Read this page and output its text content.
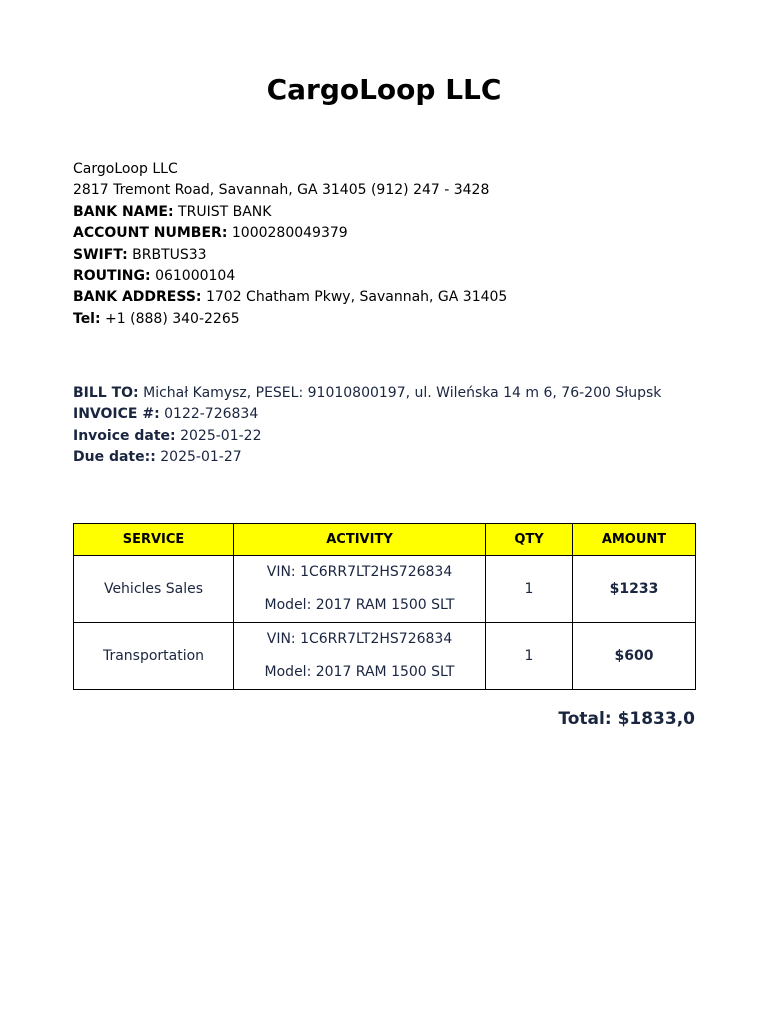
CargoLoop LLC
CargoLoop LLC
2817 Tremont Road, Savannah, GA 31405 (912) 247 - 3428
BANK NAME: TRUIST BANK
ACCOUNT NUMBER: 1000280049379
SWIFT: BRBTUS33
ROUTING: 061000104
BANK ADDRESS: 1702 Chatham Pkwy, Savannah, GA 31405
Tel: +1 (888) 340-2265
BILL TO: Michał Kamysz, PESEL: 91010800197, ul. Wileńska 14 m 6, 76-200 Słupsk
INVOICE #: 0122-726834
Invoice date: 2025-01-22
Due date:: 2025-01-27
SERVICE	ACTIVITY	QTY	AMOUNT
Vehicles Sales	VIN: 1C6RR7LT2HS726834
Model: 2017 RAM 1500 SLT	1	$1233
Transportation	VIN: 1C6RR7LT2HS726834
Model: 2017 RAM 1500 SLT	1	$600
Total: $1833,0
